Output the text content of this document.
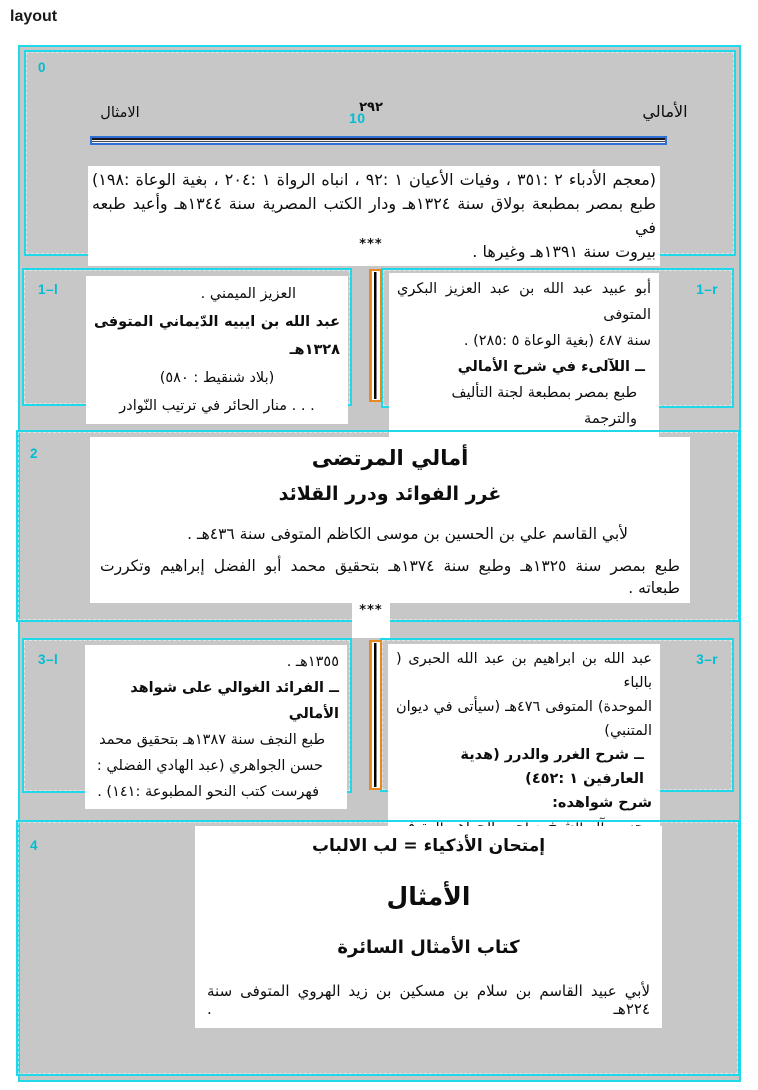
layout
0
الأمالي
٢٩٢
10
الامثال
(معجم الأدباء ٢ :٣٥١ ، وفيات الأعيان ١ :٩٢ ، انباه الرواة ١ :٢٠٤ ، بغية الوعاة :١٩٨)
طبع بمصر بمطبعة بولاق سنة ١٣٢٤هـ ودار الكتب المصرية سنة ١٣٤٤هـ وأعيد طبعه في
بيروت سنة ١٣٩١هـ وغيرها .
***
1–l	العزيز الميمني .
عبد الله بن ايبيه الدّيماني المتوفى ١٣٢٨هـ
(بلاد شنقيط : ٥٨٠)
. . . منار الحائر في ترتيب النّوادر
1–r
أبو عبيد عبد الله بن عبد العزيز البكري المتوفى
سنة ٤٨٧ (بغية الوعاة ٥ :٢٨٥) .
ــ اللآلىء في شرح الأمالي
طبع بمصر بمطبعة لجنة التأليف والترجمة
2	أمالي المرتضى
غرر الفوائد ودرر القلائد
لأبي القاسم علي بن الحسين بن موسى الكاظم المتوفى سنة ٤٣٦هـ .
طبع بمصر سنة ١٣٢٥هـ وطبع سنة ١٣٧٤هـ بتحقيق محمد أبو الفضل إبراهيم وتكررت
طبعاته .
***
3–l	١٣٥٥هـ .
ــ الفرائد الغوالي على شواهد الأمالي
طبع النجف سنة ١٣٨٧هـ بتحقيق محمد
حسن الجواهري (عبد الهادي الفضلي :
فهرست كتب النحو المطبوعة :١٤١) .
3–r
عبد الله بن ابراهيم بن عبد الله الحبرى ( بالباء
الموحدة) المتوفى ٤٧٦هـ (سيأتى في ديوان
المتنبي)
ــ شرح الغرر والدرر (هدية العارفين ١ :٤٥٢)
شرح شواهده:
4	إمتحان الأذكياء = لب الالباب
الأمثال
كتاب الأمثال السائرة
لأبي عبيد القاسم بن سلام بن مسكين بن زيد الهروي المتوفى سنة ٢٢٤هـ .
